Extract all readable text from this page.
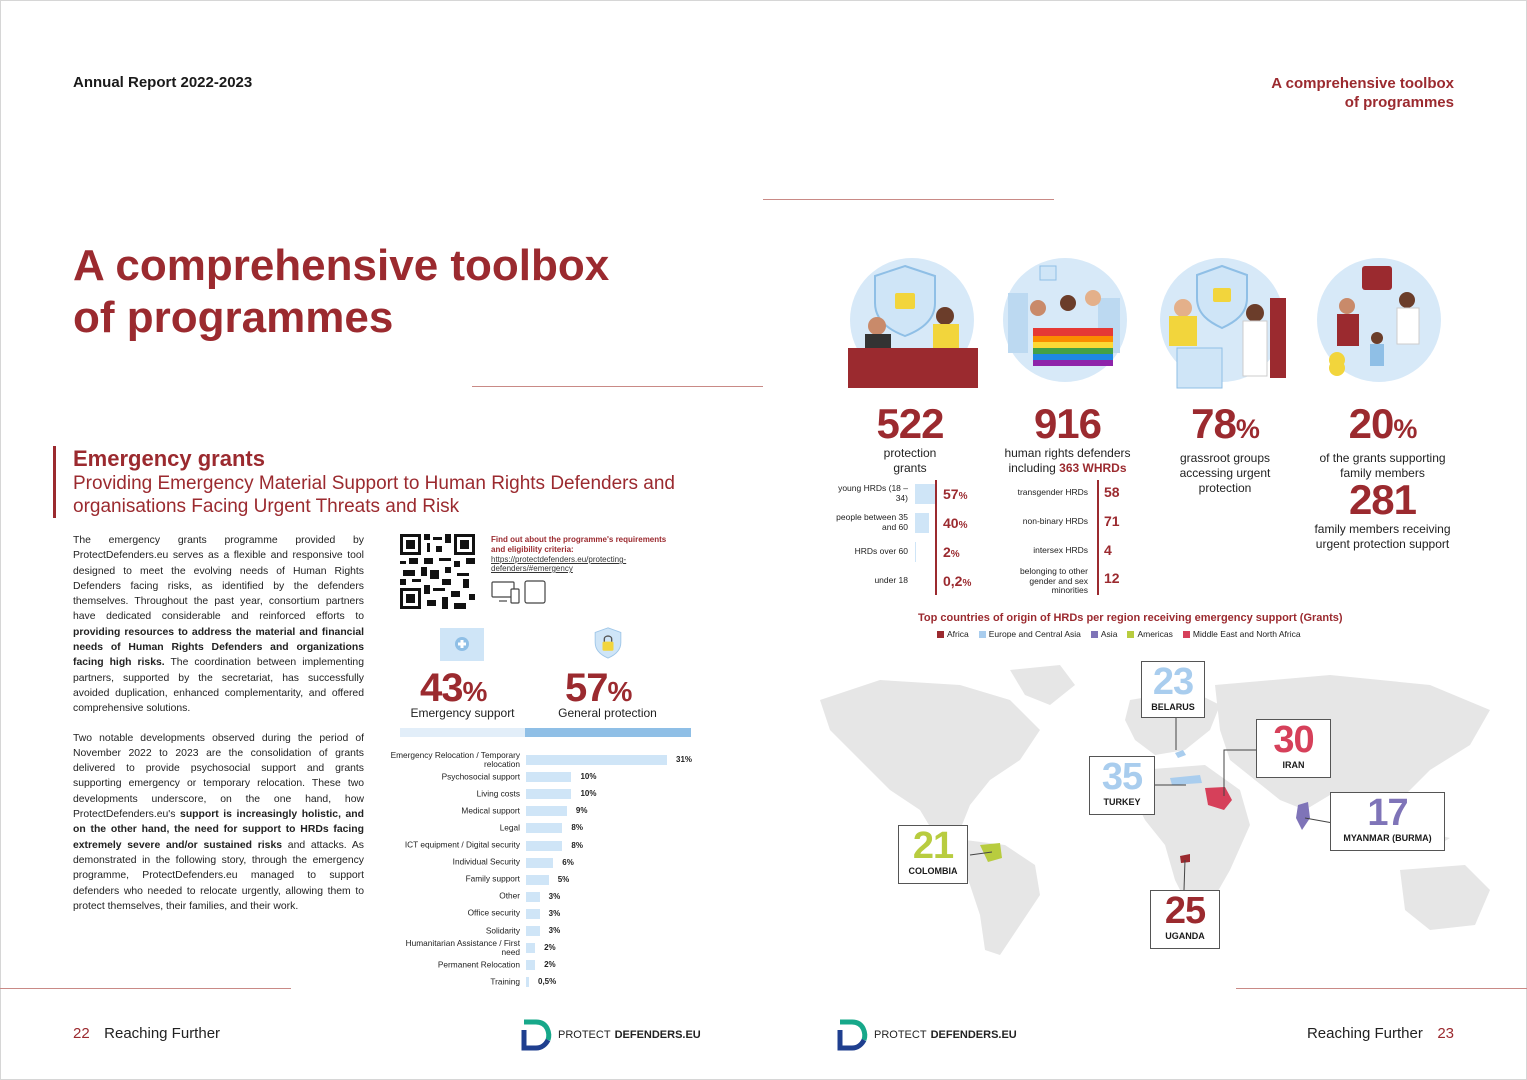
Annual Report 2022-2023	A comprehensive toolbox
of programmes
A comprehensive toolbox
of programmes
Emergency grants
Providing Emergency Material Support to Human Rights Defenders and organisations Facing Urgent Threats and Risk

The emergency grants programme provided by ProtectDefenders.eu serves as a flexible and responsive tool designed to meet the evolving needs of Human Rights Defenders facing risks, as identified by the defenders themselves. Throughout the past year, consortium partners have dedicated considerable and reinforced efforts to providing resources to address the material and financial needs of Human Rights Defenders and organizations facing high risks. The coordination between implementing partners, supported by the secretariat, has successfully avoided duplication, enhanced complementarity, and offered comprehensive solutions.

Two notable developments observed during the period of November 2022 to 2023 are the consolidation of grants delivered to provide psychosocial support and grants supporting emergency or temporary relocation. These two developments underscore, on the one hand, how ProtectDefenders.eu's support is increasingly holistic, and on the other hand, the need for support to HRDs facing extremely severe and/or sustained risks and attacks. As demonstrated in the following story, through the emergency programme, ProtectDefenders.eu managed to support defenders who needed to relocate urgently, allowing them to protect themselves, their families, and their work.

Find out about the programme's requirements and eligibility criteria:
https://protectdefenders.eu/protecting-defenders/#emergency
43% 57%
Emergency support	General protection
Emergency Relocation / Temporary relocation	31%
Psychosocial support	10%
Living costs	10%
Medical support	9%
Legal	8%
ICT equipment / Digital security	8%
Individual Security	6%
Family support	5%
Other	3%
Office security	3%
Solidarity	3%
Humanitarian Assistance / First need	2%
Permanent Relocation	2%
Training 0,5%
522
protection
grants
916
human rights defenders
including 363 WHRDs
78%
grassroot groups
accessing urgent
protection
20%
of the grants supporting
family members
281
family members receiving
urgent protection support
young HRDs (18 – 34)	57%
people between 35 and 60	40%
HRDs over 60	2%
under 18	0,2%
transgender HRDs 58
non-binary HRDs 71
intersex HRDs 4
belonging to other gender and sex minorities
12
Top countries of origin of HRDs per region receiving emergency support (Grants)
Africa	Europe and Central Asia	Asia	Americas	Middle East and North Africa
23
BELARUS
30
IRAN
35
TURKEY	17
MYANMAR (BURMA)
21
COLOMBIA
25
UGANDA
22 Reaching Further	Reaching Further 23
PROTECT DEFENDERS.EU	PROTECT DEFENDERS.EU
